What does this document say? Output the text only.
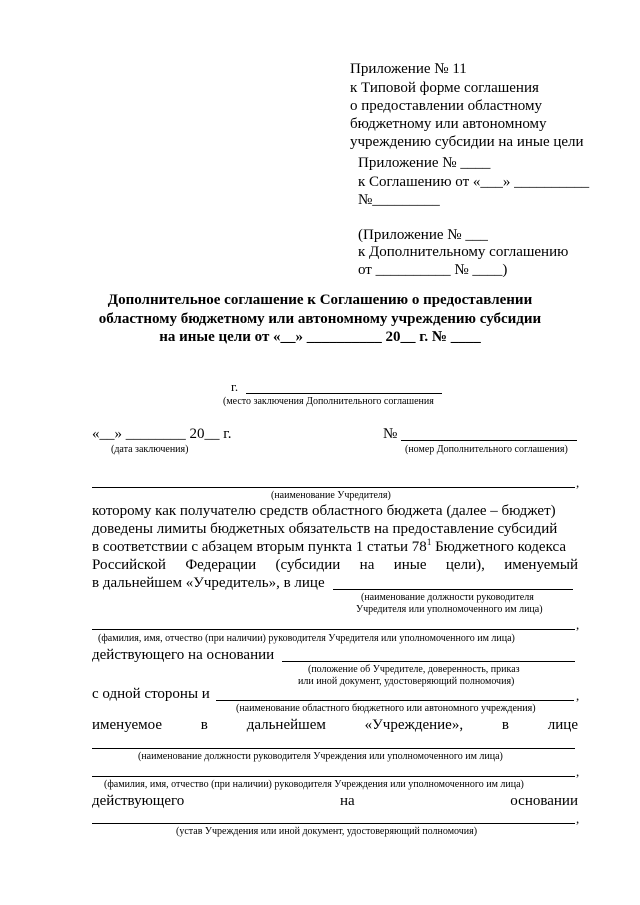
Приложение № 11
к Типовой форме соглашения
о предоставлении областному
бюджетному или автономному
учреждению субсидии на иные цели
Приложение № ____
к Соглашению от «___» __________
№_________
(Приложение № ___
к Дополнительному соглашению
от __________ № ____)
Дополнительное соглашение к Соглашению о предоставлении
областному бюджетному или автономному учреждению субсидии
на иные цели от «__» __________ 20__ г. № ____
г.
(место заключения Дополнительного соглашения
«__» ________ 20__ г.
(дата заключения)
№
(номер Дополнительного соглашения)
,
(наименование Учредителя)
которому как получателю средств областного бюджета (далее – бюджет)
доведены лимиты бюджетных обязательств на предоставление субсидий
в соответствии с абзацем вторым пункта 1 статьи $78^1$ Бюджетного кодекса
Российской Федерации (субсидии на иные цели), именуемый
в дальнейшем «Учредитель», в лице
(наименование должности руководителя
Учредителя или уполномоченного им лица)
,
(фамилия, имя, отчество (при наличии) руководителя Учредителя или уполномоченного им лица)
действующего на основании
(положение об Учредителе, доверенность, приказ
или иной документ, удостоверяющий полномочия)
с одной стороны и	,
(наименование областного бюджетного или автономного учреждения)
именуемое	в	дальнейшем	«Учреждение»,	в	лице
(наименование должности руководителя Учреждения или уполномоченного им лица)
,
(фамилия, имя, отчество (при наличии) руководителя Учреждения или уполномоченного им лица)
действующего	на	основании
,
(устав Учреждения или иной документ, удостоверяющий полномочия)
